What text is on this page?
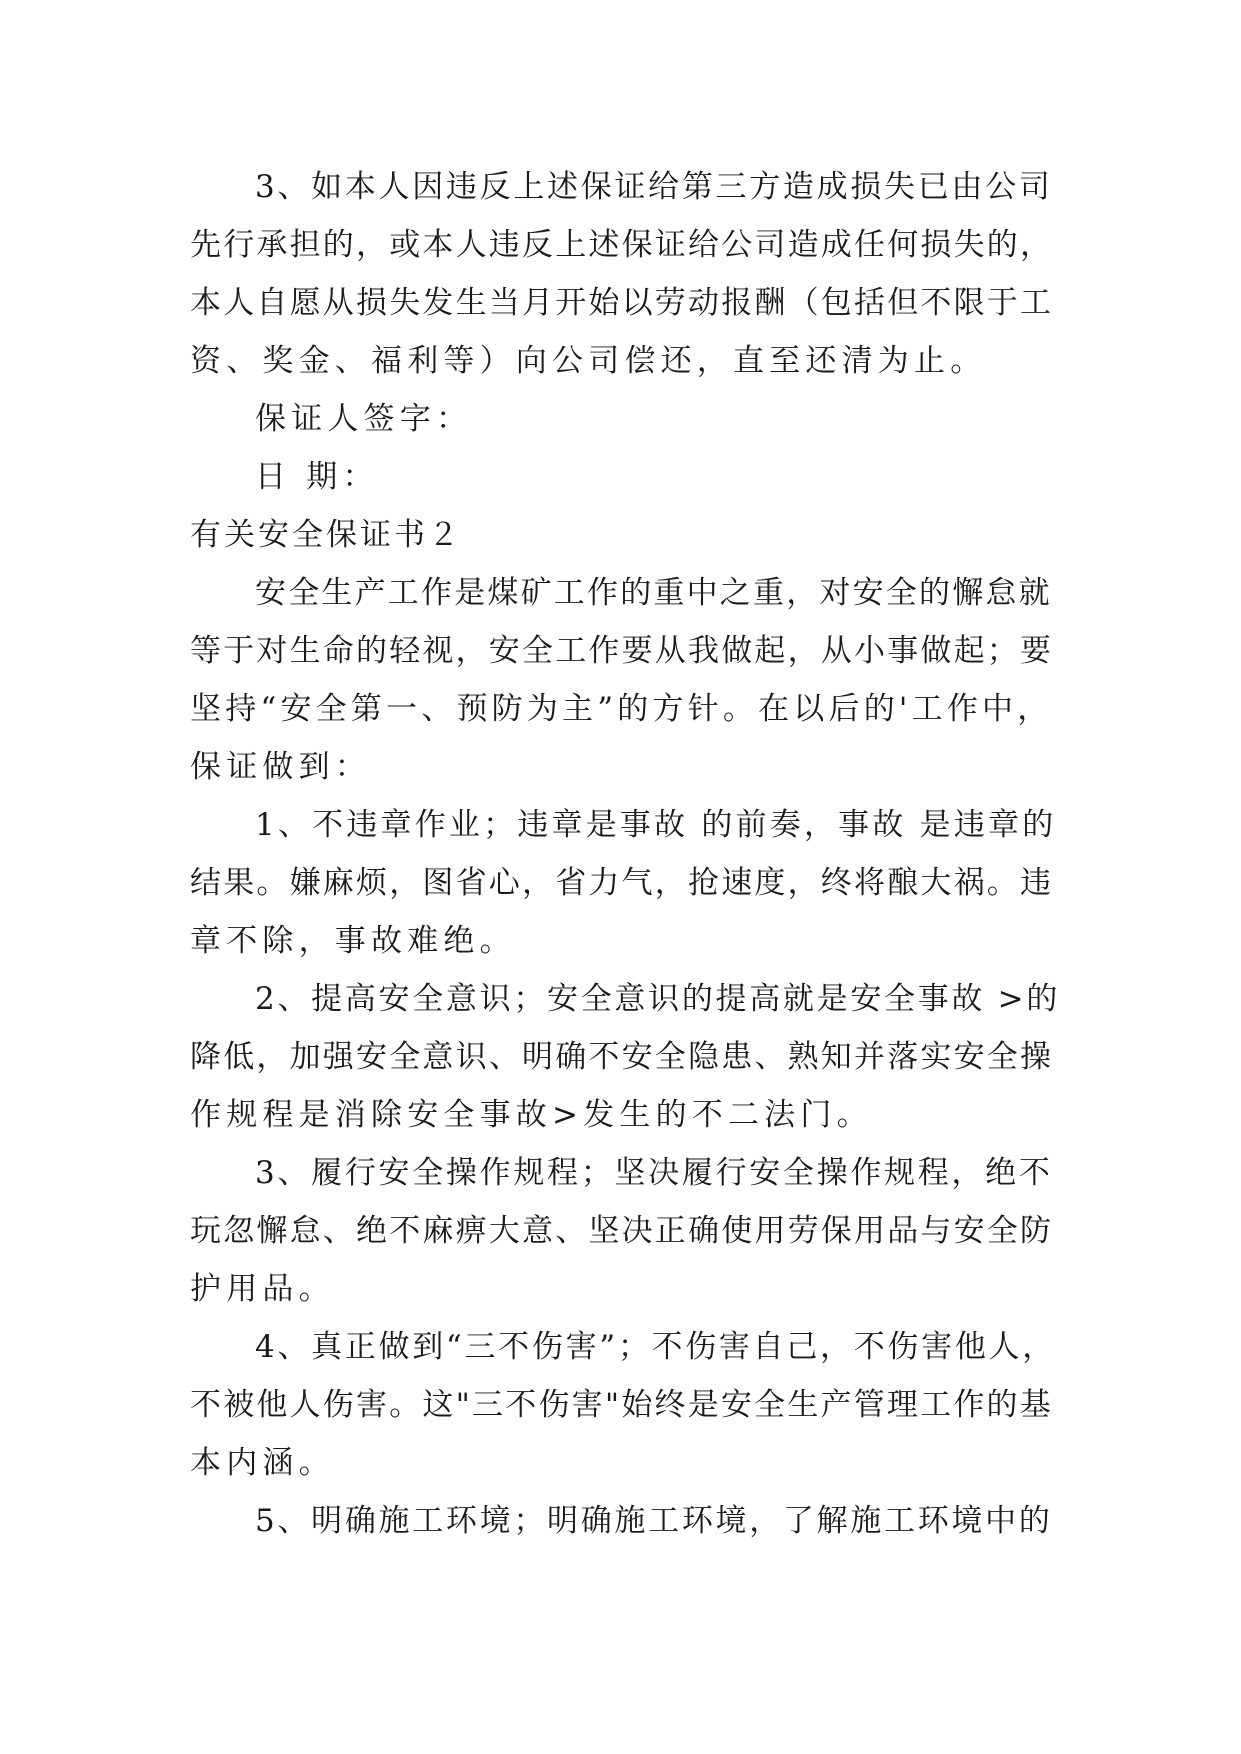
3、如本人因违反上述保证给第三方造成损失已由公司
先行承担的，或本人违反上述保证给公司造成任何损失的，
本人自愿从损失发生当月开始以劳动报酬（包括但不限于工
资、奖金、福利等）向公司偿还，直至还清为止。
保证人签字：
日 期：
有关安全保证书２
安全生产工作是煤矿工作的重中之重，对安全的懈怠就
等于对生命的轻视，安全工作要从我做起，从小事做起；要
坚持“安全第一、预防为主”的方针。在以后的'工作中，
保证做到：
1、不违章作业；违章是事故 的前奏，事故 是违章的
结果。嫌麻烦，图省心，省力气，抢速度，终将酿大祸。违
章不除，事故难绝。
2、提高安全意识；安全意识的提高就是安全事故 >的
降低，加强安全意识、明确不安全隐患、熟知并落实安全操
作规程是消除安全事故>发生的不二法门。
3、履行安全操作规程；坚决履行安全操作规程，绝不
玩忽懈怠、绝不麻痹大意、坚决正确使用劳保用品与安全防
护用品。
4、真正做到“三不伤害”；不伤害自己，不伤害他人，
不被他人伤害。这"三不伤害"始终是安全生产管理工作的基
本内涵。
5、明确施工环境；明确施工环境，了解施工环境中的
